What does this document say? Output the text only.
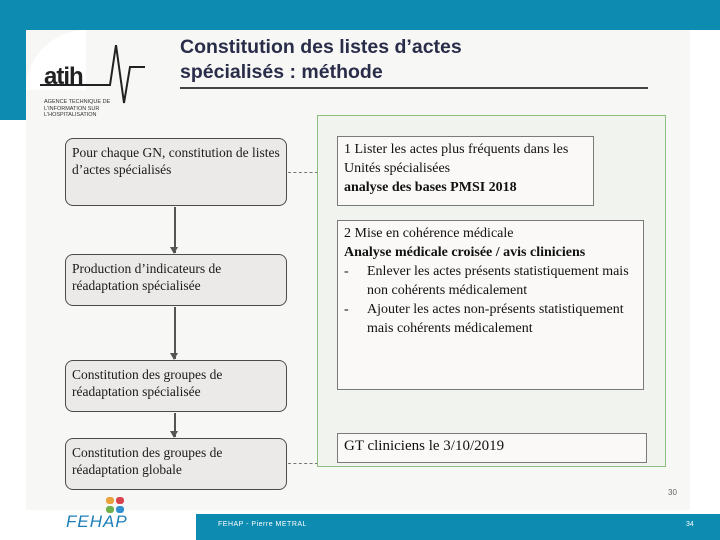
atih
AGENCE TECHNIQUE DE L'INFORMATION SUR L'HOSPITALISATION
Constitution des listes d’actes
spécialisés : méthode
Pour chaque GN, constitution de listes d’actes spécialisés
Production d’indicateurs de réadaptation spécialisée
Constitution des groupes de réadaptation spécialisée
Constitution des groupes de réadaptation globale
1 Lister les actes plus fréquents dans les Unités spécialisées
analyse des bases PMSI 2018
2 Mise en cohérence médicale
Analyse médicale croisée / avis cliniciens
- Enlever les actes présents statistiquement mais non cohérents médicalement
- Ajouter les actes non-présents statistiquement mais cohérents médicalement
GT cliniciens le 3/10/2019
30
FEHAP	FEHAP - Pierre METRAL	34
